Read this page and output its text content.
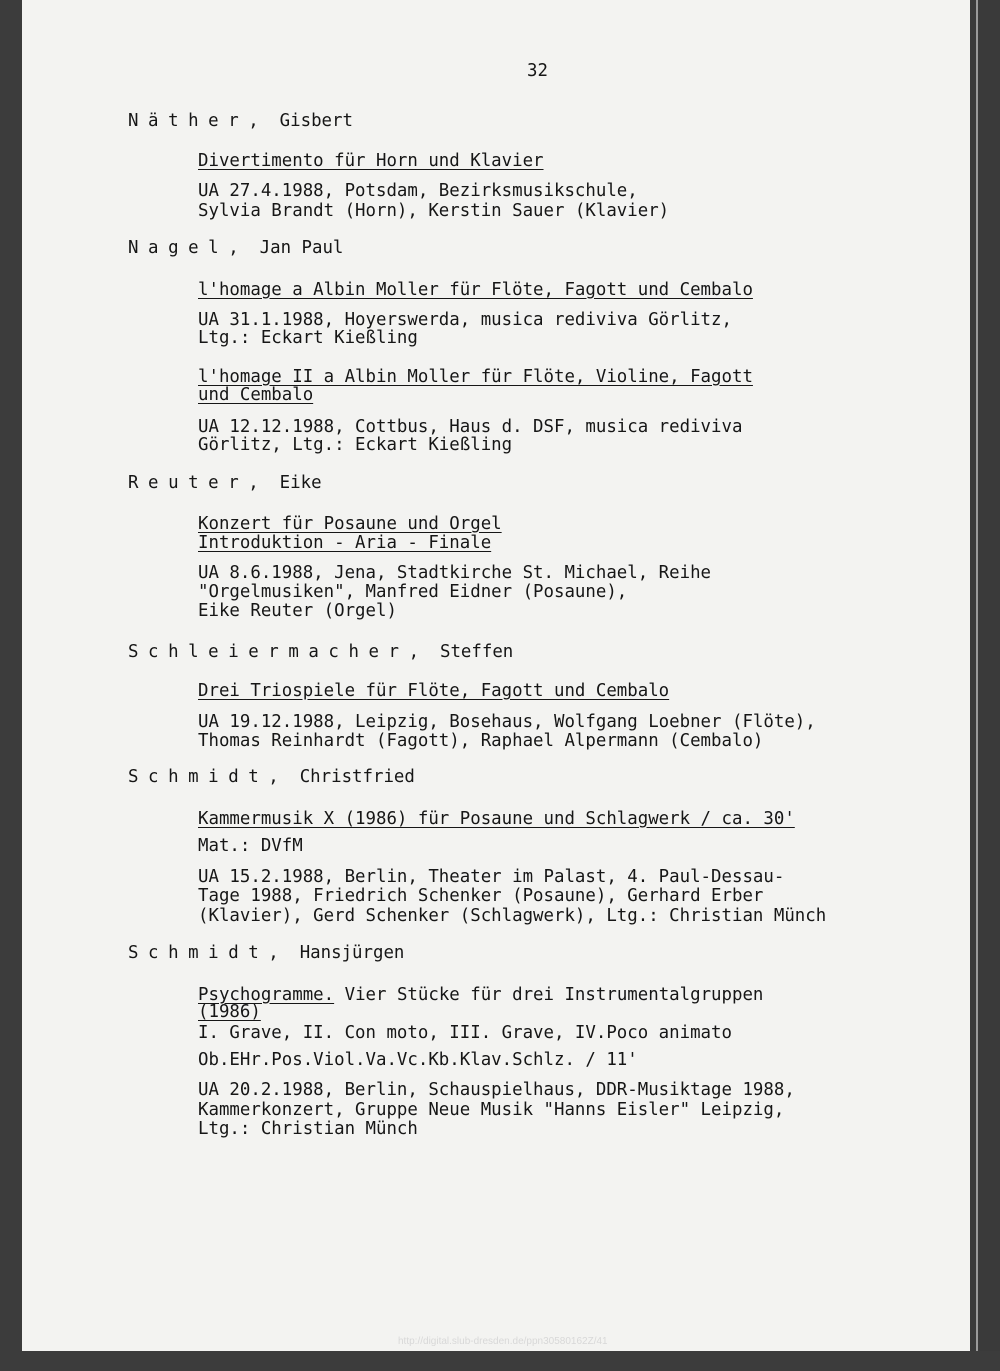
32
Näther,  Gisbert
Divertimento für Horn und Klavier
UA 27.4.1988, Potsdam, Bezirksmusikschule,
Sylvia Brandt (Horn), Kerstin Sauer (Klavier)
Nagel,  Jan Paul
l'homage a Albin Moller für Flöte, Fagott und Cembalo
UA 31.1.1988, Hoyerswerda, musica rediviva Görlitz,
Ltg.: Eckart Kießling
l'homage II a Albin Moller für Flöte, Violine, Fagott
und Cembalo
UA 12.12.1988, Cottbus, Haus d. DSF, musica rediviva
Görlitz, Ltg.: Eckart Kießling
Reuter,  Eike
Konzert für Posaune und Orgel
Introduktion - Aria - Finale
UA 8.6.1988, Jena, Stadtkirche St. Michael, Reihe
"Orgelmusiken", Manfred Eidner (Posaune),
Eike Reuter (Orgel)
Schleiermacher,  Steffen
Drei Triospiele für Flöte, Fagott und Cembalo
UA 19.12.1988, Leipzig, Bosehaus, Wolfgang Loebner (Flöte),
Thomas Reinhardt (Fagott), Raphael Alpermann (Cembalo)
Schmidt,  Christfried
Kammermusik X (1986) für Posaune und Schlagwerk / ca. 30'
Mat.: DVfM
UA 15.2.1988, Berlin, Theater im Palast, 4. Paul-Dessau-
Tage 1988, Friedrich Schenker (Posaune), Gerhard Erber
(Klavier), Gerd Schenker (Schlagwerk), Ltg.: Christian Münch
Schmidt,  Hansjürgen
Psychogramme. Vier Stücke für drei Instrumentalgruppen
(1986)
I. Grave, II. Con moto, III. Grave, IV.Poco animato
Ob.EHr.Pos.Viol.Va.Vc.Kb.Klav.Schlz. / 11'
UA 20.2.1988, Berlin, Schauspielhaus, DDR-Musiktage 1988,
Kammerkonzert, Gruppe Neue Musik "Hanns Eisler" Leipzig,
Ltg.: Christian Münch
http://digital.slub-dresden.de/ppn30580162Z/41
